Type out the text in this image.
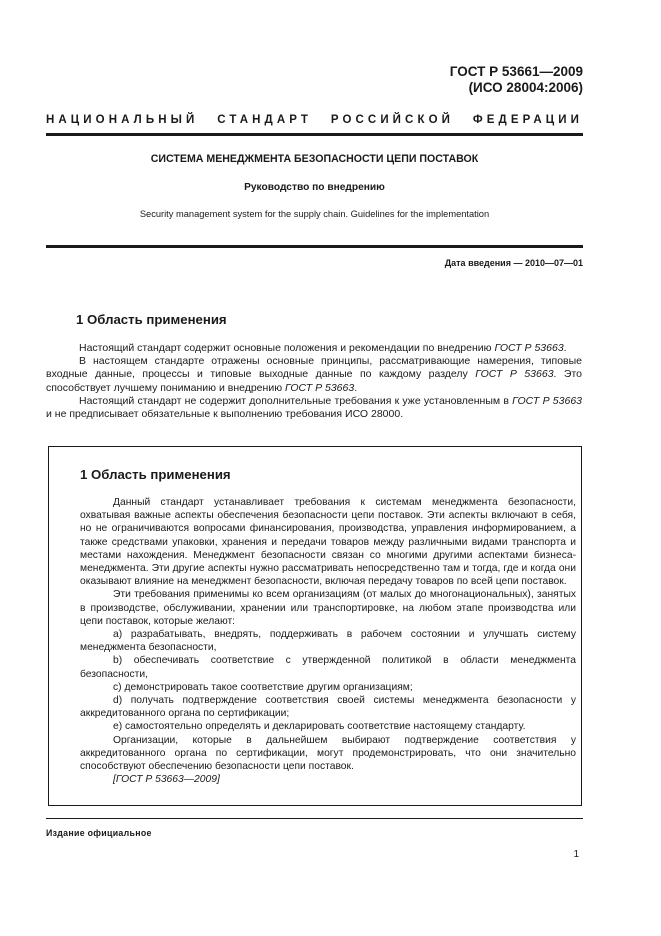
ГОСТ Р 53661—2009
(ИСО 28004:2006)
НАЦИОНАЛЬНЫЙ СТАНДАРТ РОССИЙСКОЙ ФЕДЕРАЦИИ
СИСТЕМА МЕНЕДЖМЕНТА БЕЗОПАСНОСТИ ЦЕПИ ПОСТАВОК
Руководство по внедрению
Security management system for the supply chain. Guidelines for the implementation
Дата введения — 2010—07—01
1 Область применения

Настоящий стандарт содержит основные положения и рекомендации по внедрению ГОСТ Р 53663.

В настоящем стандарте отражены основные принципы, рассматривающие намерения, типовые входные данные, процессы и типовые выходные данные по каждому разделу ГОСТ Р 53663. Это способствует лучшему пониманию и внедрению ГОСТ Р 53663.

Настоящий стандарт не содержит дополнительные требования к уже установленным в ГОСТ Р 53663 и не предписывает обязательные к выполнению требования ИСО 28000.

1 Область применения

Данный стандарт устанавливает требования к системам менеджмента безопасности, охватывая важные аспекты обеспечения безопасности цепи поставок. Эти аспекты включают в себя, но не ограничиваются вопросами финансирования, производства, управления информированием, а также средствами упаковки, хранения и передачи товаров между различными видами транспорта и местами нахождения. Менеджмент безопасности связан со многими другими аспектами бизнеса-менеджмента. Эти другие аспекты нужно рассматривать непосредственно там и тогда, где и когда они оказывают влияние на менеджмент безопасности, включая передачу товаров по всей цепи поставок.

Эти требования применимы ко всем организациям (от малых до многонациональных), занятых в производстве, обслуживании, хранении или транспортировке, на любом этапе производства или цепи поставок, которые желают:

а) разрабатывать, внедрять, поддерживать в рабочем состоянии и улучшать систему менеджмента безопасности,

b) обеспечивать соответствие с утвержденной политикой в области менеджмента безопасности,

c) демонстрировать такое соответствие другим организациям;

d) получать подтверждение соответствия своей системы менеджмента безопасности у аккредитованного органа по сертификации;

e) самостоятельно определять и декларировать соответствие настоящему стандарту.

Организации, которые в дальнейшем выбирают подтверждение соответствия у аккредитованного органа по сертификации, могут продемонстрировать, что они значительно способствуют обеспечению безопасности цепи поставок.

[ГОСТ Р 53663—2009]

Издание официальное
1
